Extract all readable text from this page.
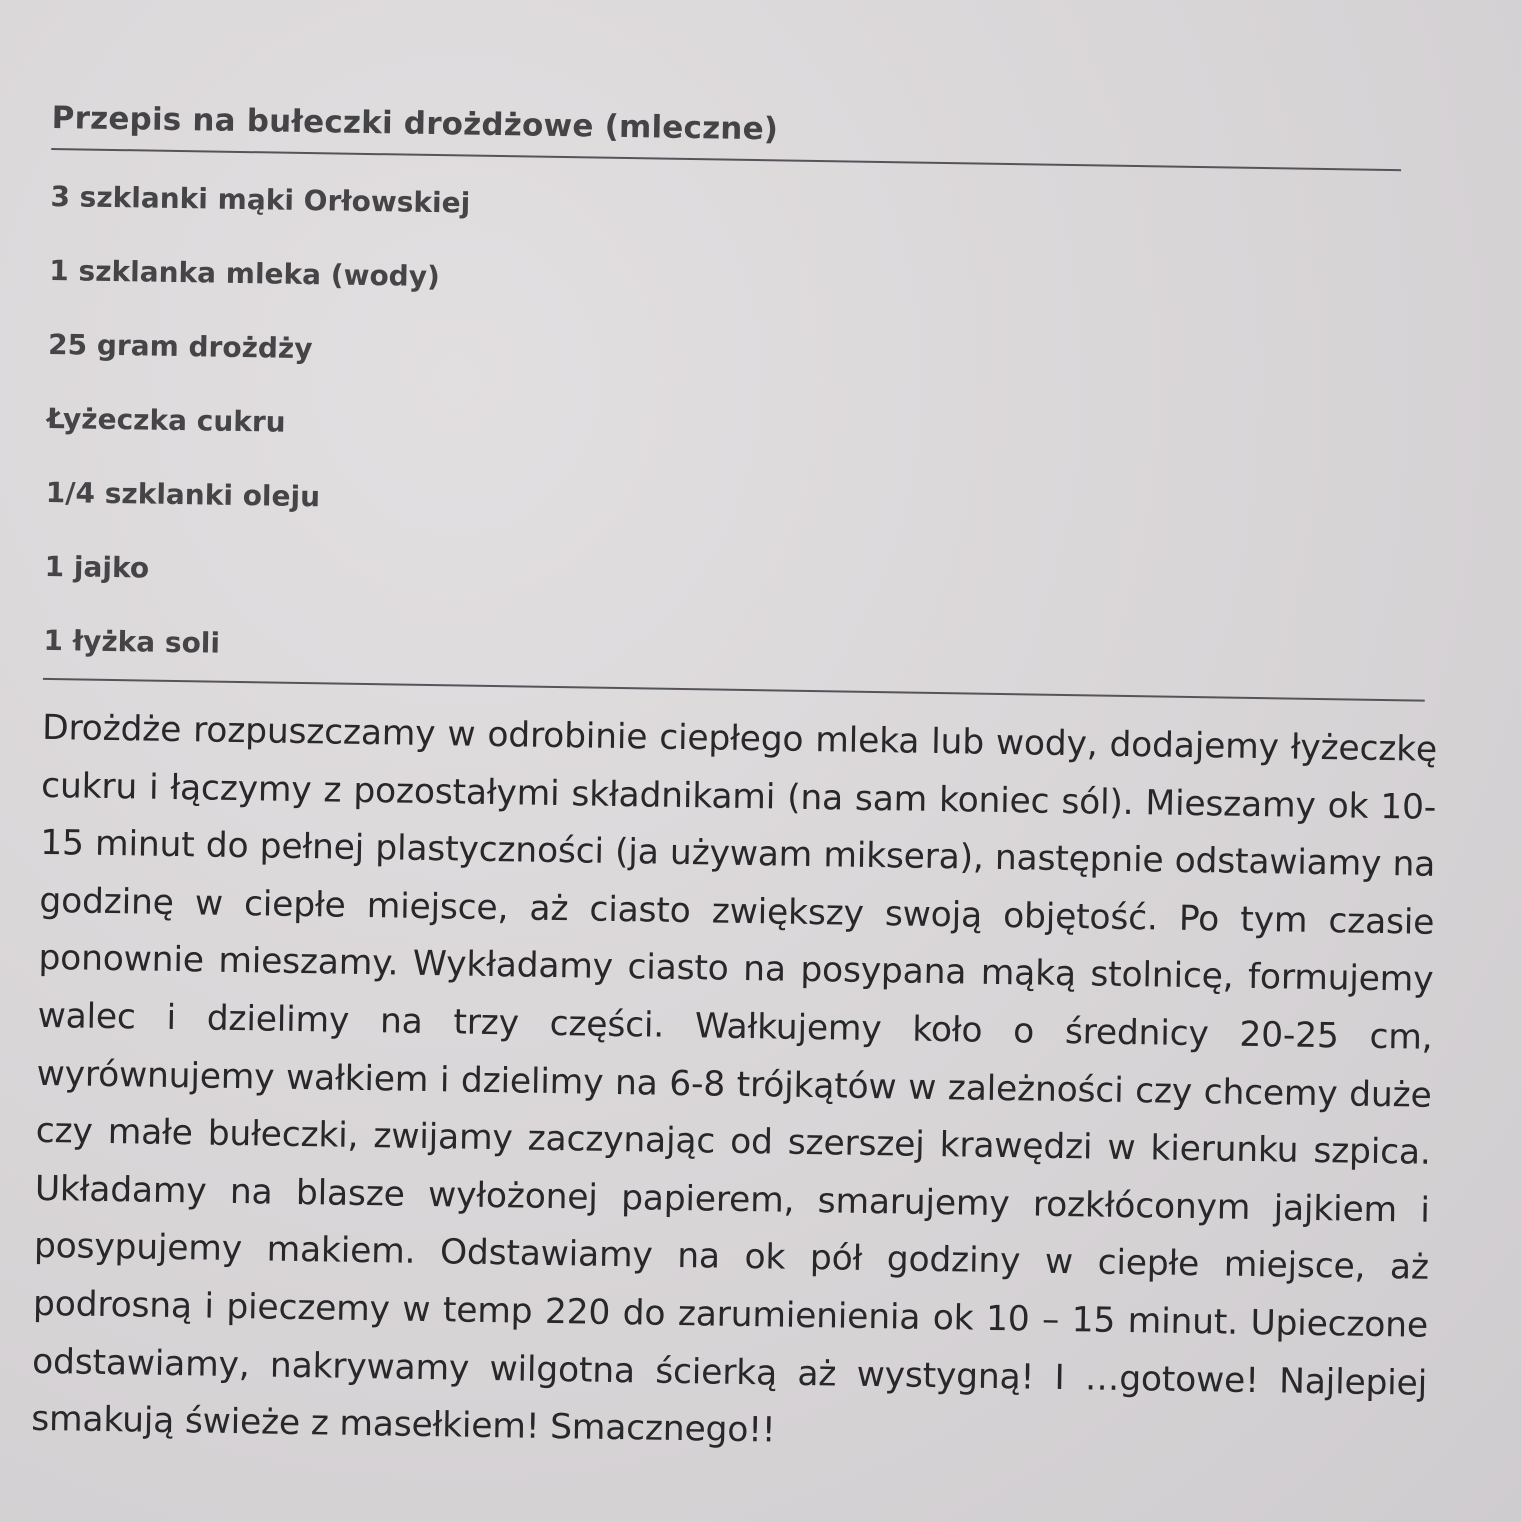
Przepis na bułeczki drożdżowe (mleczne)
3 szklanki mąki Orłowskiej
1 szklanka mleka (wody)
25 gram drożdży
Łyżeczka cukru
1/4 szklanki oleju
1 jajko
1 łyżka soli

Drożdże rozpuszczamy w odrobinie ciepłego mleka lub wody, dodajemy łyżeczkę cukru i łączymy z pozostałymi składnikami (na sam koniec sól). Mieszamy ok 10-15 minut do pełnej plastyczności (ja używam miksera), następnie odstawiamy na godzinę w ciepłe miejsce, aż ciasto zwiększy swoją objętość. Po tym czasie ponownie mieszamy. Wykładamy ciasto na posypana mąką stolnicę, formujemy walec i dzielimy na trzy części. Wałkujemy koło o średnicy 20-25 cm, wyrównujemy wałkiem i dzielimy na 6-8 trójkątów w zależności czy chcemy duże czy małe bułeczki, zwijamy zaczynając od szerszej krawędzi w kierunku szpica. Układamy na blasze wyłożonej papierem, smarujemy rozkłóconym jajkiem i posypujemy makiem. Odstawiamy na ok pół godziny w ciepłe miejsce, aż podrosną i pieczemy w temp 220 do zarumienienia ok 10 – 15 minut. Upieczone odstawiamy, nakrywamy wilgotna ścierką aż wystygną! I …gotowe! Najlepiej smakują świeże z masełkiem! Smacznego!!
